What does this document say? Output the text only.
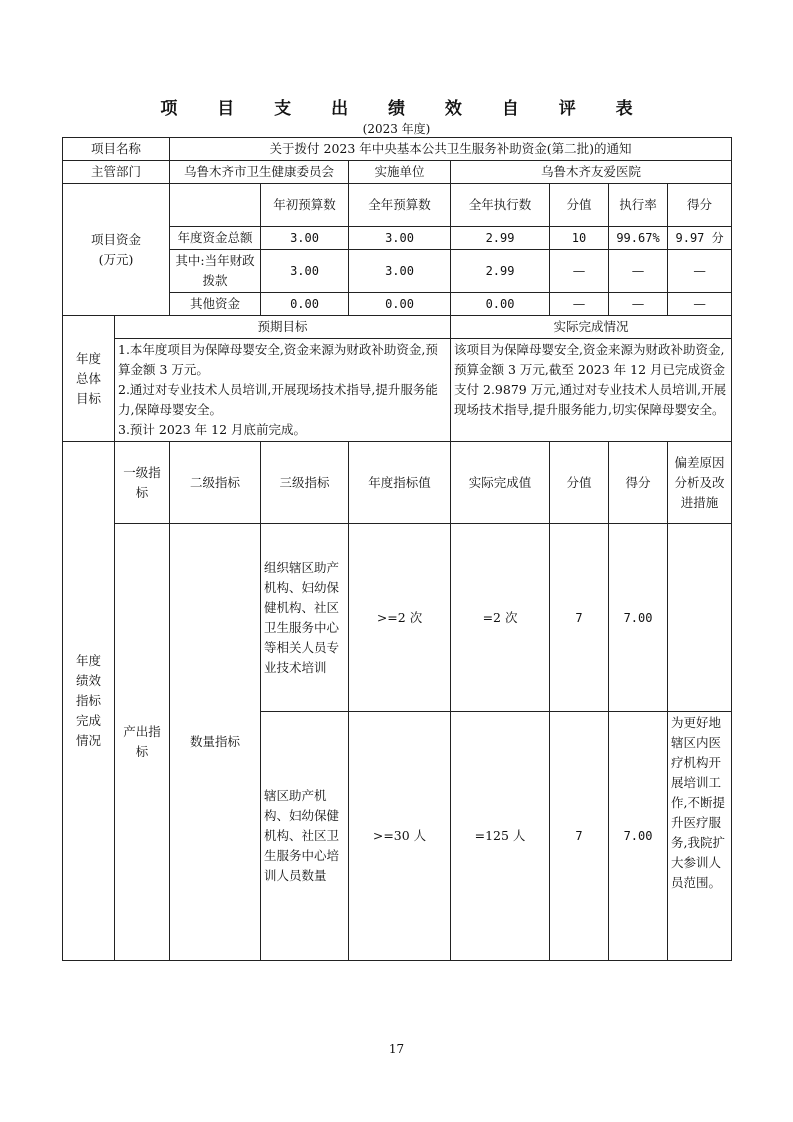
项 目 支 出 绩 效 自 评 表
(2023 年度)
项目名称		关于拨付 2023 年中央基本公共卫生服务补助资金(第二批)的通知						
主管部门		乌鲁木齐市卫生健康委员会		实施单位	乌鲁木齐友爱医院			
项目资金
(万元)			年初预算数	全年预算数	全年执行数	分值	执行率	得分
		年度资金总额	3.00	3.00	2.99	10	99.67%	9.97 分
		其中:当年财政拨款	3.00	3.00	2.99	—	—	—
		其他资金	0.00	0.00	0.00	—	—	—
年度
总体
目标	预期目标				实际完成情况			
	1.本年度项目为保障母婴安全,资金来源为财政补助资金,预算金额 3 万元。
2.通过对专业技术人员培训,开展现场技术指导,提升服务能力,保障母婴安全。
3.预计 2023 年 12 月底前完成。				该项目为保障母婴安全,资金来源为财政补助资金,预算金额 3 万元,截至 2023 年 12 月已完成资金支付 2.9879 万元,通过对专业技术人员培训,开展现场技术指导,提升服务能力,切实保障母婴安全。			
年度
绩效
指标
完成
情况	一级指标	二级指标	三级指标	年度指标值	实际完成值	分值	得分	偏差原因分析及改进措施
	产出指标	数量指标	组织辖区助产机构、妇幼保健机构、社区卫生服务中心等相关人员专业技术培训	>=2 次	=2 次	7	7.00	
			辖区助产机构、妇幼保健机构、社区卫生服务中心培训人员数量	>=30 人	=125 人	7	7.00	为更好地辖区内医疗机构开展培训工作,不断提升医疗服务,我院扩大参训人员范围。
17
